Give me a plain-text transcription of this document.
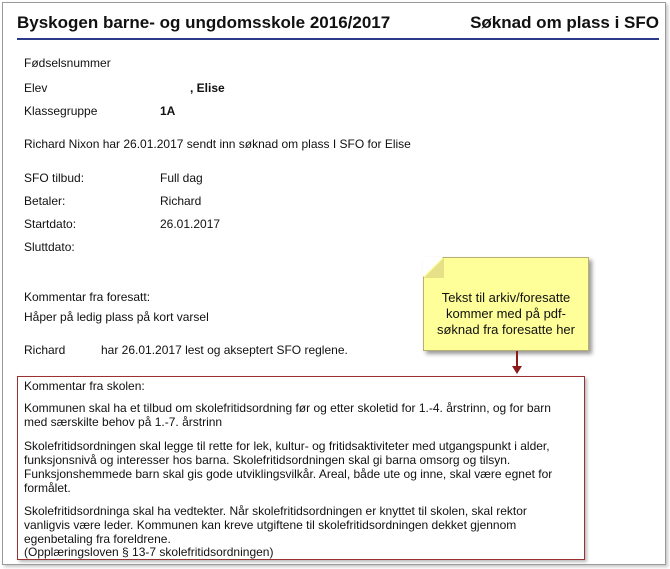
Byskogen barne- og ungdomsskole 2016/2017	Søknad om plass i SFO
Fødselsnummer
Elev	, Elise
Klassegruppe	1A
Richard Nixon har 26.01.2017 sendt inn søknad om plass I SFO for Elise
SFO tilbud:	Full dag
Betaler:	Richard
Startdato:	26.01.2017
Sluttdato:
Kommentar fra foresatt:
Håper på ledig plass på kort varsel
Richard	har 26.01.2017 lest og akseptert SFO reglene.
Tekst til arkiv/foresatte kommer med på pdf-søknad fra foresatte her
Kommentar fra skolen:
Kommunen skal ha et tilbud om skolefritidsordning før og etter skoletid for 1.-4. årstrinn, og for barn med særskilte behov på 1.-7. årstrinn
Skolefritidsordningen skal legge til rette for lek, kultur- og fritidsaktiviteter med utgangspunkt i alder, funksjonsnivå og interesser hos barna. Skolefritidsordningen skal gi barna omsorg og tilsyn. Funksjonshemmede barn skal gis gode utviklingsvilkår. Areal, både ute og inne, skal være egnet for formålet.
Skolefritidsordninga skal ha vedtekter. Når skolefritidsordningen er knyttet til skolen, skal rektor vanligvis være leder. Kommunen kan kreve utgiftene til skolefritidsordningen dekket gjennom egenbetaling fra foreldrene.
(Opplæringsloven § 13-7 skolefritidsordningen)
